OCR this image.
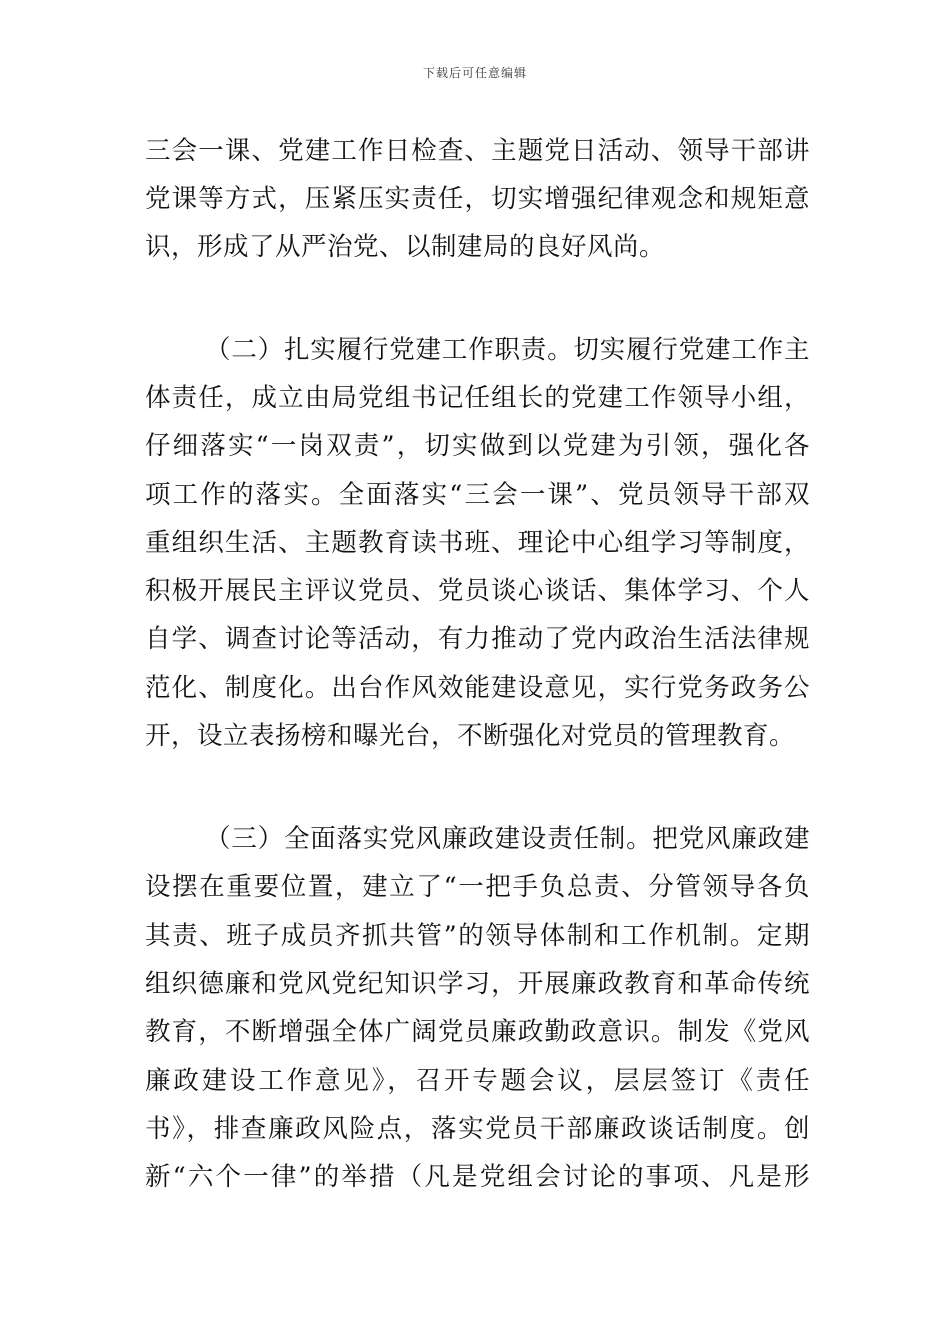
下载后可任意编辑
三会一课、党建工作日检查、主题党日活动、领导干部讲
党课等方式，压紧压实责任，切实增强纪律观念和规矩意
识，形成了从严治党、以制建局的良好风尚。
（二）扎实履行党建工作职责。切实履行党建工作主
体责任，成立由局党组书记任组长的党建工作领导小组，
仔细落实“一岗双责”，切实做到以党建为引领，强化各
项工作的落实。全面落实“三会一课”、党员领导干部双
重组织生活、主题教育读书班、理论中心组学习等制度，
积极开展民主评议党员、党员谈心谈话、集体学习、个人
自学、调查讨论等活动，有力推动了党内政治生活法律规
范化、制度化。出台作风效能建设意见，实行党务政务公
开，设立表扬榜和曝光台，不断强化对党员的管理教育。
（三）全面落实党风廉政建设责任制。把党风廉政建
设摆在重要位置，建立了“一把手负总责、分管领导各负
其责、班子成员齐抓共管”的领导体制和工作机制。定期
组织德廉和党风党纪知识学习，开展廉政教育和革命传统
教育，不断增强全体广阔党员廉政勤政意识。制发《党风
廉政建设工作意见》，召开专题会议，层层签订《责任
书》，排查廉政风险点，落实党员干部廉政谈话制度。创
新“六个一律”的举措（凡是党组会讨论的事项、凡是形
